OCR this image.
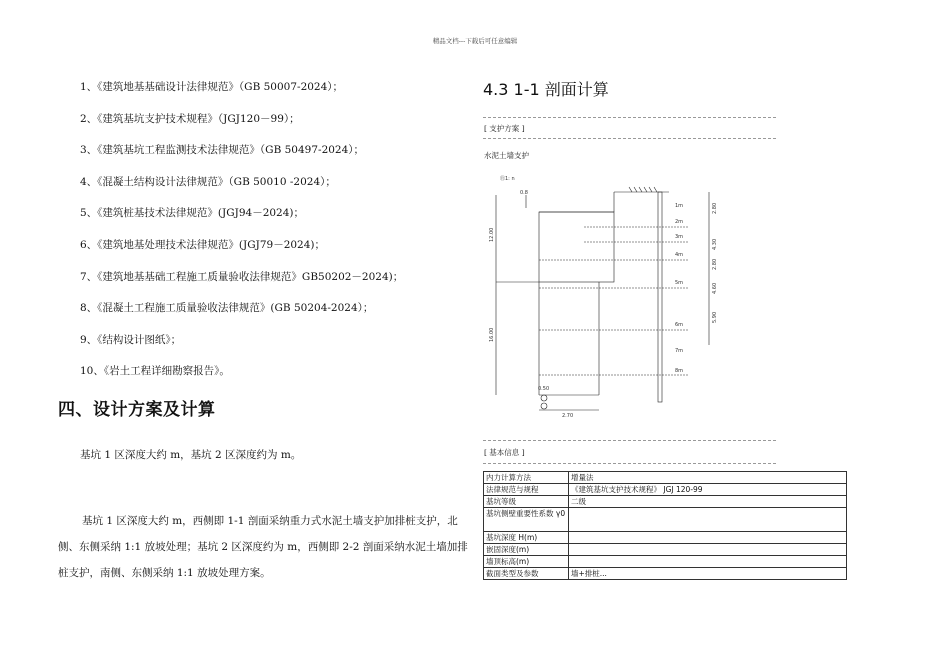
精品文档---下载后可任意编辑
1、《建筑地基基础设计法律规范》（GB 50007-2024）；
2、《建筑基坑支护技术规程》（JGJ120－99）；
3、《建筑基坑工程监测技术法律规范》（GB 50497-2024）；
4、《混凝土结构设计法律规范》（GB 50010 -2024）；
5、《建筑桩基技术法律规范》(JGJ94－2024)；
6、《建筑地基处理技术法律规范》(JGJ79－2024)；
7、《建筑地基基础工程施工质量验收法律规范》GB50202－2024)；
8、《混凝土工程施工质量验收法律规范》(GB 50204-2024）；
9、《结构设计图纸》；
10、《岩土工程详细勘察报告》。
四、设计方案及计算
基坑 1 区深度大约 m，基坑 2 区深度约为 m。
基坑 1 区深度大约 m，西侧即 1-1 剖面采纳重力式水泥土墙支护加排桩支护，北侧、东侧采纳 1:1 放坡处理；基坑 2 区深度约为 m，西侧即 2-2 剖面采纳水泥土墙加排桩支护，南侧、东侧采纳 1:1 放坡处理方案。
4.3 1-1 剖面计算
[ 支护方案 ]
水泥土墙支护
Ⓡ1: n
0.8
12.00
16.00
2.70
0.50
2.80
4.30
2.80
4.60
5.90
1m
2m
3m
4m
5m
6m
7m
8m
[ 基本信息 ]
内力计算方法	增量法
法律规范与规程	《建筑基坑支护技术规程》 JGJ 120-99
基坑等级	二级
基坑侧壁重要性系数 γ0	
基坑深度 H(m)	
嵌固深度(m)	
墙顶标高(m)	
截面类型及参数	墙+排桩...
